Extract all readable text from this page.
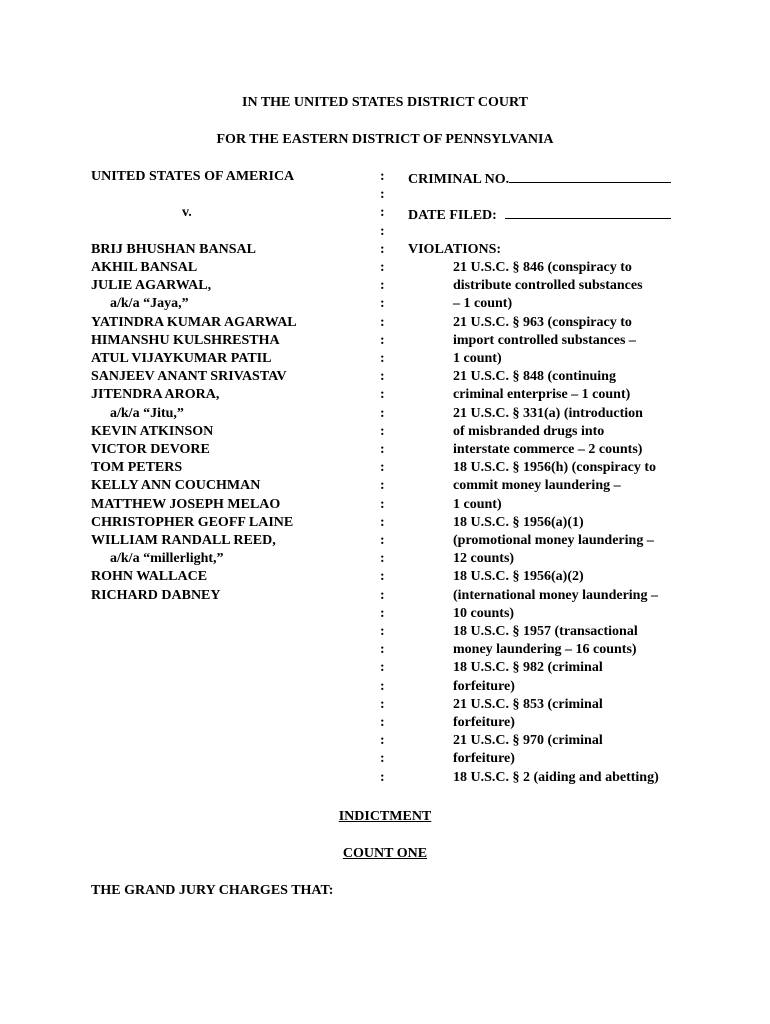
IN THE UNITED STATES DISTRICT COURT
FOR THE EASTERN DISTRICT OF PENNSYLVANIA
UNITED STATES OF AMERICA
v.
BRIJ BHUSHAN BANSAL
AKHIL BANSAL
JULIE AGARWAL,
a/k/a “Jaya,”
YATINDRA KUMAR AGARWAL
HIMANSHU KULSHRESTHA
ATUL VIJAYKUMAR PATIL
SANJEEV ANANT SRIVASTAV
JITENDRA ARORA,
a/k/a “Jitu,”
KEVIN ATKINSON
VICTOR DEVORE
TOM PETERS
KELLY ANN COUCHMAN
MATTHEW JOSEPH MELAO
CHRISTOPHER GEOFF LAINE
WILLIAM RANDALL REED,
a/k/a “millerlight,”
ROHN WALLACE
RICHARD DABNEY
:
:
:
:
:
:
:
:
:
:
:
:
:
:
:
:
:
:
:
:
:
:
:
:
:
:
:
:
:
:
:
:
:
:
CRIMINAL NO.
DATE FILED:
VIOLATIONS:
21 U.S.C. § 846 (conspiracy to
distribute controlled substances
– 1 count)
21 U.S.C. § 963 (conspiracy to
import controlled substances –
1 count)
21 U.S.C. § 848 (continuing
criminal enterprise – 1 count)
21 U.S.C. § 331(a) (introduction
of misbranded drugs into
interstate commerce – 2 counts)
18 U.S.C. § 1956(h) (conspiracy to
commit money laundering –
1 count)
18 U.S.C. § 1956(a)(1)
(promotional money laundering –
12 counts)
18 U.S.C. § 1956(a)(2)
(international money laundering –
10 counts)
18 U.S.C. § 1957 (transactional
money laundering – 16 counts)
18 U.S.C. § 982 (criminal
forfeiture)
21 U.S.C. § 853 (criminal
forfeiture)
21 U.S.C. § 970 (criminal
forfeiture)
18 U.S.C. § 2 (aiding and abetting)
INDICTMENT
COUNT ONE
THE GRAND JURY CHARGES THAT:
